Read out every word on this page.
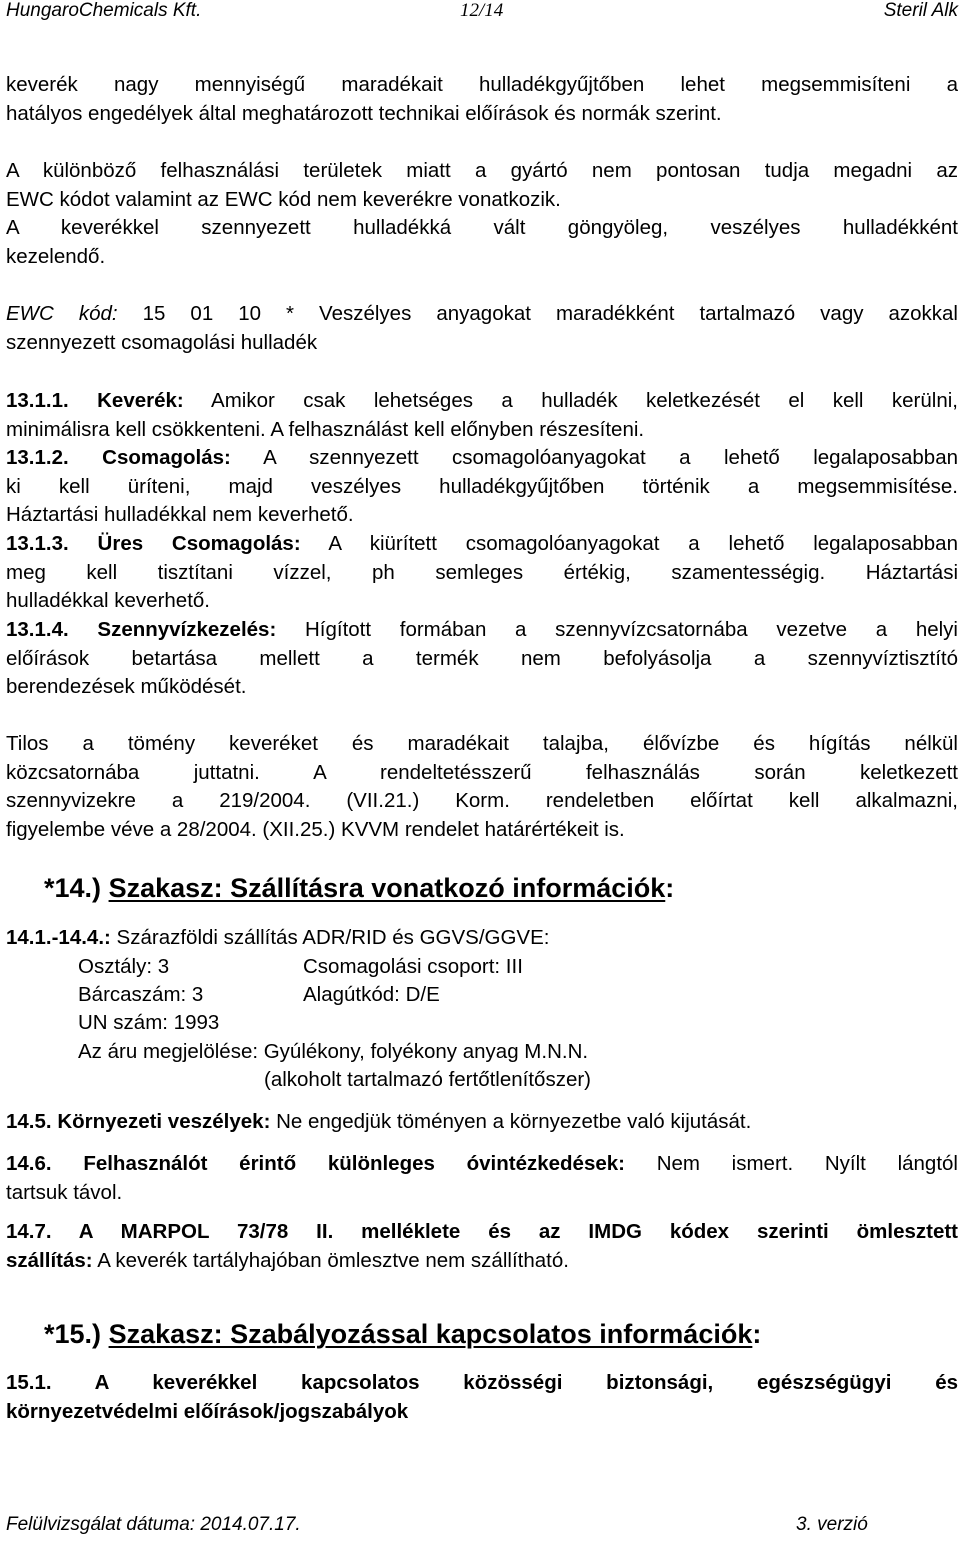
HungaroChemicals Kft.	12/14	Steril Alk
keverék nagy mennyiségű maradékait hulladékgyűjtőben lehet megsemmisíteni a
hatályos engedélyek által meghatározott technikai előírások és normák szerint.
A különböző felhasználási területek miatt a gyártó nem pontosan tudja megadni az
EWC kódot valamint az EWC kód nem keverékre vonatkozik.
A keverékkel szennyezett hulladékká vált göngyöleg, veszélyes hulladékként
kezelendő.
EWC kód: 15 01 10 * Veszélyes anyagokat maradékként tartalmazó vagy azokkal
szennyezett csomagolási hulladék
13.1.1. Keverék: Amikor csak lehetséges a hulladék keletkezését el kell kerülni,
minimálisra kell csökkenteni. A felhasználást kell előnyben részesíteni.
13.1.2. Csomagolás: A szennyezett csomagolóanyagokat a lehető legalaposabban
ki kell üríteni, majd veszélyes hulladékgyűjtőben történik a megsemmisítése.
Háztartási hulladékkal nem keverhető.
13.1.3. Üres Csomagolás: A kiürített csomagolóanyagokat a lehető legalaposabban
meg kell tisztítani vízzel, ph semleges értékig, szamentességig. Háztartási
hulladékkal keverhető.
13.1.4. Szennyvízkezelés: Hígított formában a szennyvízcsatornába vezetve a helyi
előírások betartása mellett a termék nem befolyásolja a szennyvíztisztító
berendezések működését.
Tilos a tömény keveréket és maradékait talajba, élővízbe és hígítás nélkül
közcsatornába juttatni. A rendeltetésszerű felhasználás során keletkezett
szennyvizekre a 219/2004. (VII.21.) Korm. rendeletben előírtat kell alkalmazni,
figyelembe véve a 28/2004. (XII.25.) KVVM rendelet határértékeit is.
*14.) Szakasz: Szállításra vonatkozó információk:
14.1.-14.4.: Szárazföldi szállítás ADR/RID és GGVS/GGVE:
Osztály: 3	Csomagolási csoport: III
Bárcaszám: 3	Alagútkód: D/E
UN szám: 1993
Az áru megjelölése: Gyúlékony, folyékony anyag M.N.N.
(alkoholt tartalmazó fertőtlenítőszer)
14.5. Környezeti veszélyek: Ne engedjük töményen a környezetbe való kijutását.
14.6. Felhasználót érintő különleges óvintézkedések: Nem ismert. Nyílt lángtól
tartsuk távol.
14.7. A MARPOL 73/78 II. melléklete és az IMDG kódex szerinti ömlesztett
szállítás: A keverék tartályhajóban ömlesztve nem szállítható.
*15.) Szakasz: Szabályozással kapcsolatos információk:
15.1. A keverékkel kapcsolatos közösségi biztonsági, egészségügyi és
környezetvédelmi előírások/jogszabályok
Felülvizsgálat dátuma: 2014.07.17.	3. verzió
